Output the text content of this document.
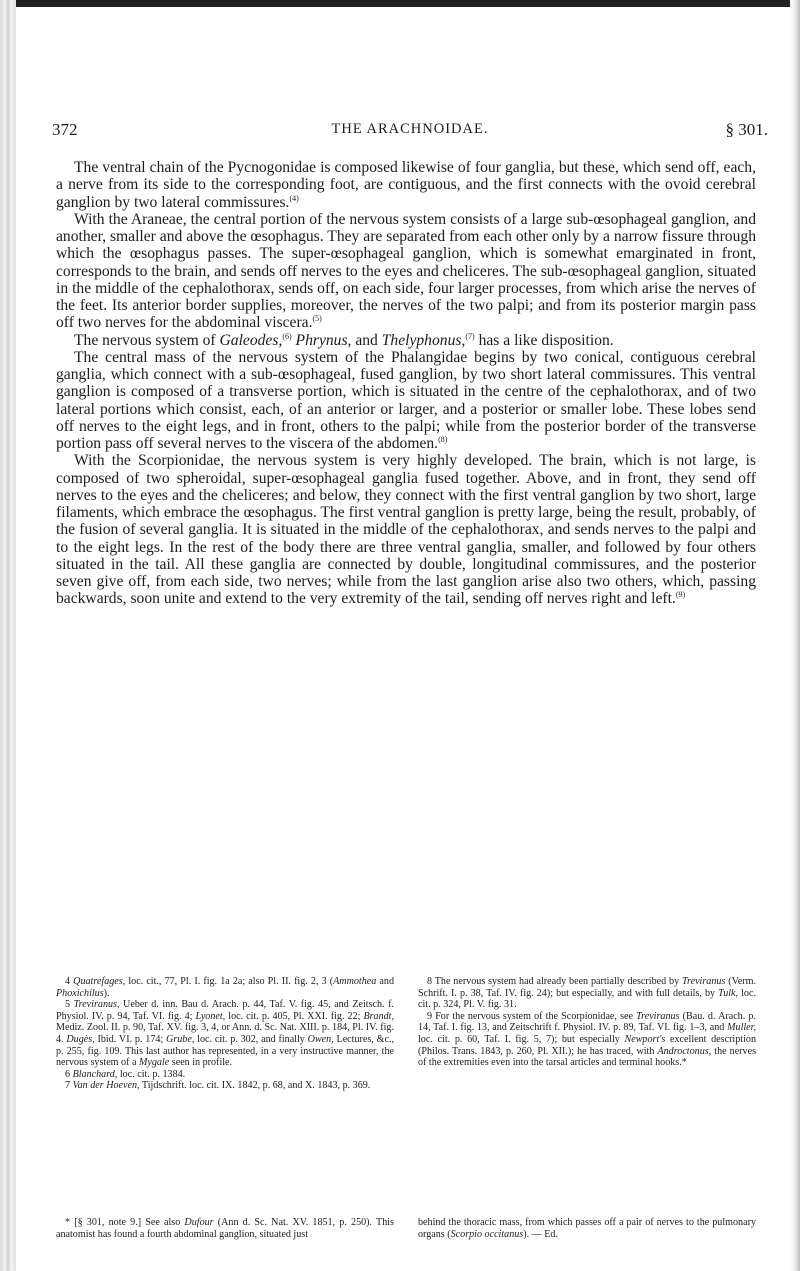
372	THE ARACHNOIDAE.	§ 301.

The ventral chain of the Pycnogonidae is composed likewise of four ganglia, but these, which send off, each, a nerve from its side to the corresponding foot, are contiguous, and the first connects with the ovoid cerebral ganglion by two lateral commissures.$^{(4)}$

With the Araneae, the central portion of the nervous system consists of a large sub-œsophageal ganglion, and another, smaller and above the œsophagus. They are separated from each other only by a narrow fissure through which the œsophagus passes. The super-œsophageal ganglion, which is somewhat emarginated in front, corresponds to the brain, and sends off nerves to the eyes and cheliceres. The sub-œsophageal ganglion, situated in the middle of the cephalothorax, sends off, on each side, four larger processes, from which arise the nerves of the feet. Its anterior border supplies, moreover, the nerves of the two palpi; and from its posterior margin pass off two nerves for the abdominal viscera.$^{(5)}$

The nervous system of Galeodes,$^{(6)}$ Phrynus, and Thelyphonus,$^{(7)}$ has a like disposition.

The central mass of the nervous system of the Phalangidae begins by two conical, contiguous cerebral ganglia, which connect with a sub-œsophageal, fused ganglion, by two short lateral commissures. This ventral ganglion is composed of a transverse portion, which is situated in the centre of the cephalothorax, and of two lateral portions which consist, each, of an anterior or larger, and a posterior or smaller lobe. These lobes send off nerves to the eight legs, and in front, others to the palpi; while from the posterior border of the transverse portion pass off several nerves to the viscera of the abdomen.$^{(8)}$

With the Scorpionidae, the nervous system is very highly developed. The brain, which is not large, is composed of two spheroidal, super-œsophageal ganglia fused together. Above, and in front, they send off nerves to the eyes and the cheliceres; and below, they connect with the first ventral ganglion by two short, large filaments, which embrace the œsophagus. The first ventral ganglion is pretty large, being the result, probably, of the fusion of several ganglia. It is situated in the middle of the cephalothorax, and sends nerves to the palpi and to the eight legs. In the rest of the body there are three ventral ganglia, smaller, and followed by four others situated in the tail. All these ganglia are connected by double, longitudinal commissures, and the posterior seven give off, from each side, two nerves; while from the last ganglion arise also two others, which, passing backwards, soon unite and extend to the very extremity of the tail, sending off nerves right and left.$^{(9)}$

4 Quatrefages, loc. cit., 77, Pl. I. fig. 1a 2a; also Pl. II. fig. 2, 3 (Ammothea and Phoxichilus).

5 Treviranus, Ueber d. inn. Bau d. Arach. p. 44, Taf. V. fig. 45, and Zeitsch. f. Physiol. IV. p. 94, Taf. VI. fig. 4; Lyonet, loc. cit. p. 405, Pl. XXI. fig. 22; Brandt, Mediz. Zool. II. p. 90, Taf. XV. fig. 3, 4, or Ann. d. Sc. Nat. XIII. p. 184, Pl. IV. fig. 4. Dugès, Ibid. VI. p. 174; Grube, loc. cit. p. 302, and finally Owen, Lectures, &c., p. 255, fig. 109. This last author has represented, in a very instructive manner, the nervous system of a Mygale seen in profile.

6 Blanchard, loc. cit. p. 1384.

7 Van der Hoeven, Tijdschrift. loc. cit. IX. 1842, p. 68, and X. 1843, p. 369.

8 The nervous system had already been partially described by Treviranus (Verm. Schrift. I. p. 38, Taf. IV. fig. 24); but especially, and with full details, by Tulk, loc. cit. p. 324, Pl. V. fig. 31.

9 For the nervous system of the Scorpionidae, see Treviranus (Bau. d. Arach. p. 14, Taf. I. fig. 13, and Zeitschrift f. Physiol. IV. p. 89, Taf. VI. fig. 1–3, and Muller, loc. cit. p. 60, Taf. I. fig. 5, 7); but especially Newport's excellent description (Philos. Trans. 1843, p. 260, Pl. XII.); he has traced, with Androctonus, the nerves of the extremities even into the tarsal articles and terminal hooks.*

* [§ 301, note 9.] See also Dufour (Ann d. Sc. Nat. XV. 1851, p. 250). This anatomist has found a fourth abdominal ganglion, situated just
behind the thoracic mass, from which passes off a pair of nerves to the pulmonary organs (Scorpio occitanus). — Ed.
